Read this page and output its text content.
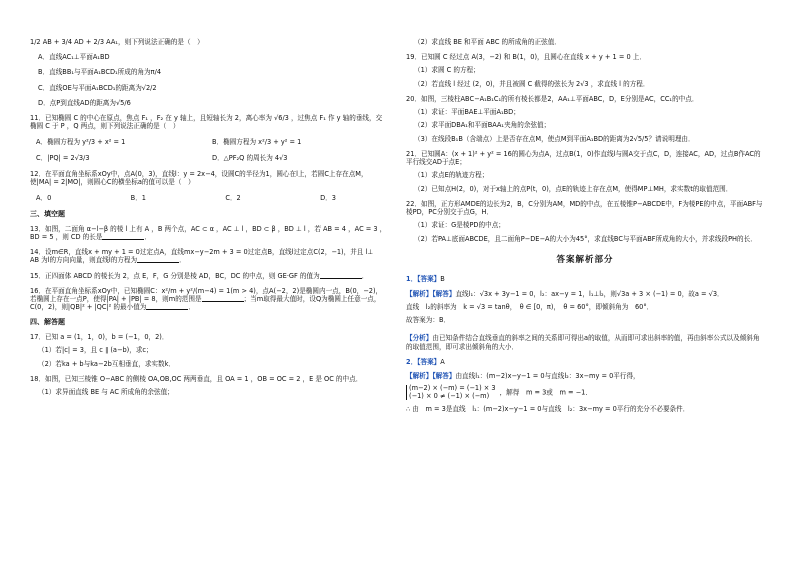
1/2 AB + 3/4 AD + 2/3 AA₁，则下列说法正确的是（　）
A．直线AC₁⊥平面A₁BD
B．直线BB₁与平面A₁BCD₁所成的角为π/4
C．直线OE与平面A₁BCD₁的距离为√2/2
D．点P到直线AD的距离为√5/6
11．已知椭圆 C 的中心在原点，焦点 F₁ ，F₂ 在 y 轴上，且短轴长为 2，离心率为 √6/3 ，过焦点 F₁ 作 y 轴的垂线，交椭圆 C 于 P ，Q 两点，则下列说法正确的是（　）
A．椭圆方程为 y²/3 + x² = 1	B．椭圆方程为 x²/3 + y² = 1
C．|PQ| = 2√3/3	D．△PF₂Q 的周长为 4√3
12．在平面直角坐标系xOy中，点A(0，3)，直线l：y = 2x−4，设圆C的半径为1，圆心在l上，若圆C上存在点M，使|MA| = 2|MO|，则圆心C的横坐标a的值可以是（　）
A．0	B．1	C．2	D．3
三、填空题
13．如图，二面角 α−l−β 的棱 l 上有 A ，B 两个点，AC ⊂ α ，AC ⊥ l ，BD ⊂ β ，BD ⊥ l ，若 AB = 4 ，AC = 3 ，BD = 5 ，则 CD 的长是	．
14．设m∈R，直线x + my + 1 = 0过定点A，直线mx−y−2m + 3 = 0过定点B，直线l过定点C(2，−1)，并且 l⊥
AB 为l的方向向量，则直线l的方程为	．
15．正四面体 ABCD 的棱长为 2，点 E，F，G 分别是棱 AD，BC，DC 的中点，则 GE·GF 的值为	．
16．在平面直角坐标系xOy中，已知椭圆C：x²/m + y²/(m−4) = 1(m > 4)，点A(−2，2)是椭圆内一点，B(0，−2)，
若椭圆上存在一点P，使得|PA| + |PB| = 8，则m的范围是	；当m取得最大值时，设Q为椭圆上任意一点，C(0，2)，则|QB|² + |QC|² 的最小值为	．
四、解答题
17．已知 a = (1，1，0)，b = (−1，0，2)．
（1）若|c| = 3，且 c ∥ (a−b)，求c；
（2）若ka + b与ka−2b互相垂直，求实数k．
18．如图，已知三棱锥 O−ABC 的侧棱 OA,OB,OC 两两垂直，且 OA = 1 ，OB = OC = 2 ，E 是 OC 的中点．
（1）求异面直线 BE 与 AC 所成角的余弦值；
（2）求直线 BE 和平面 ABC 的所成角的正弦值．
19．已知圆 C 经过点 A(3，−2) 和 B(1，0)，且圆心在直线 x + y + 1 = 0 上．
（1）求圆 C 的方程；
（2）若直线 l 经过 (2，0)，并且被圆 C 截得的弦长为 2√3 ，求直线 l 的方程．
20．如图，三棱柱ABC−A₁B₁C₁的所有棱长都是2，AA₁⊥平面ABC，D，E分别是AC，CC₁的中点．
（1）求证：平面BAE⊥平面A₁BD；
（2）求平面DBA₁和平面BAA₁夹角的余弦值；
（3）在线段B₁B（含端点）上是否存在点M，使点M到平面A₁BD的距离为2√5/5？请说明理由．
21．已知圆A：(x + 1)² + y² = 16的圆心为点A，过点B(1，0)作直线l与圆A交于点C，D，连接AC，AD，过点B作AC的平行线交AD于点E；
（1）求点E的轨迹方程；
（2）已知点H(2，0)，对于x轴上的点P(t，0)，点E的轨迹上存在点M，使得MP⊥MH，求实数t的取值范围．
22．如图，正方形AMDE的边长为2，B，C分别为AM，MD的中点，在五棱锥P−ABCDE中，F为棱PE的中点，平面ABF与棱PD，PC分别交于点G，H．
（1）求证：G是棱PD的中点；
（2）若PA⊥底面ABCDE，且二面角P−DE−A的大小为45°，求直线BC与平面ABF所成角的大小，并求线段PH的长．
答案解析部分
1．【答案】B
【解析】【解答】直线l₁：√3x + 3y−1 = 0，l₂：ax−y = 1，l₁⊥l₂，则√3a + 3 × (−1) = 0，故a = √3．
直线　l₂的斜率为　k = √3 = tanθ，　θ ∈ [0，π)，　θ = 60°，即倾斜角为　60°．
故答案为：B．
【分析】由已知条件结合直线垂直的斜率之间的关系即可得出a的取值，从而即可求出斜率的值，再由斜率公式以及倾斜角的取值范围，即可求出倾斜角的大小．
2．【答案】A
【解析】【解答】由直线l₁：(m−2)x−y−1 = 0与直线l₂：3x−my = 0平行得，
(m−2) × (−m) = (−1) × 3
(−1) × 0 ≠ (−1) × (−m) ，解得　m = 3或　m = −1．
∴ 由　m = 3是直线　l₁：(m−2)x−y−1 = 0与直线　l₂：3x−my = 0平行的充分不必要条件．
